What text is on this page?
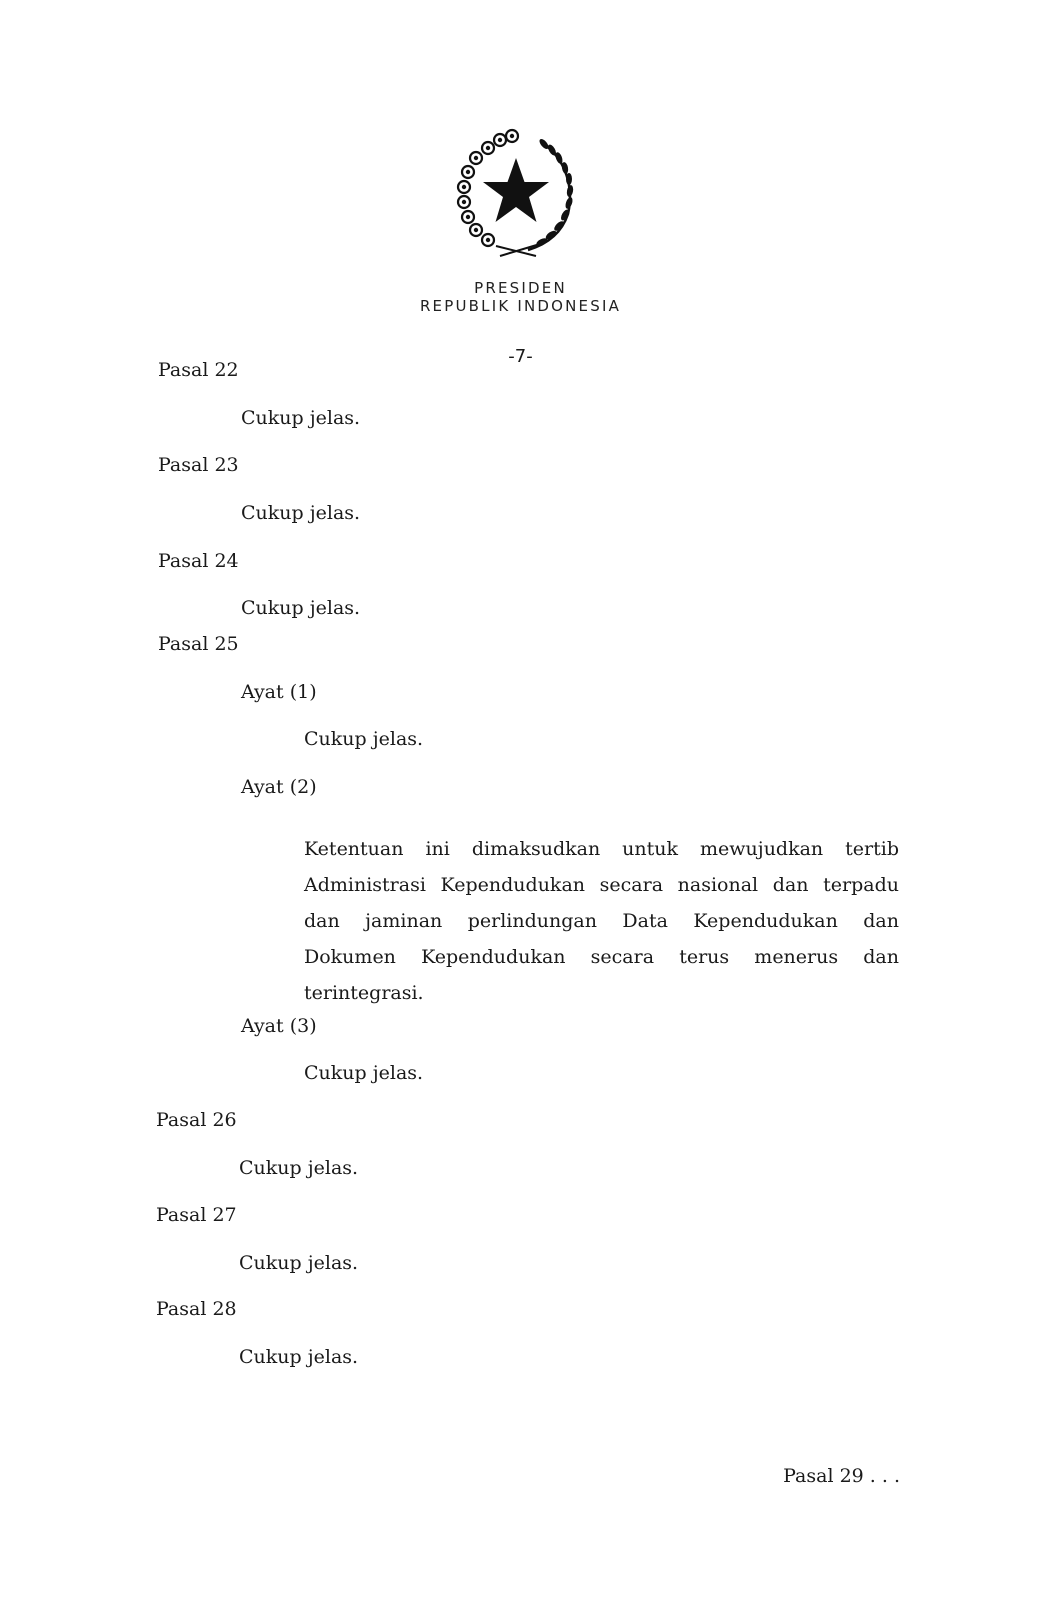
PRESIDEN
REPUBLIK INDONESIA
-7-
Pasal 22
Cukup jelas.
Pasal 23
Cukup jelas.
Pasal 24
Cukup jelas.
Pasal 25
Ayat (1)
Cukup jelas.
Ayat (2)
Ketentuan ini dimaksudkan untuk mewujudkan tertib
Administrasi Kependudukan secara nasional dan terpadu
dan jaminan perlindungan Data Kependudukan dan
Dokumen Kependudukan secara terus menerus dan
terintegrasi.
Ayat (3)
Cukup jelas.
Pasal 26
Cukup jelas.
Pasal 27
Cukup jelas.
Pasal 28
Cukup jelas.
Pasal 29 . . .
